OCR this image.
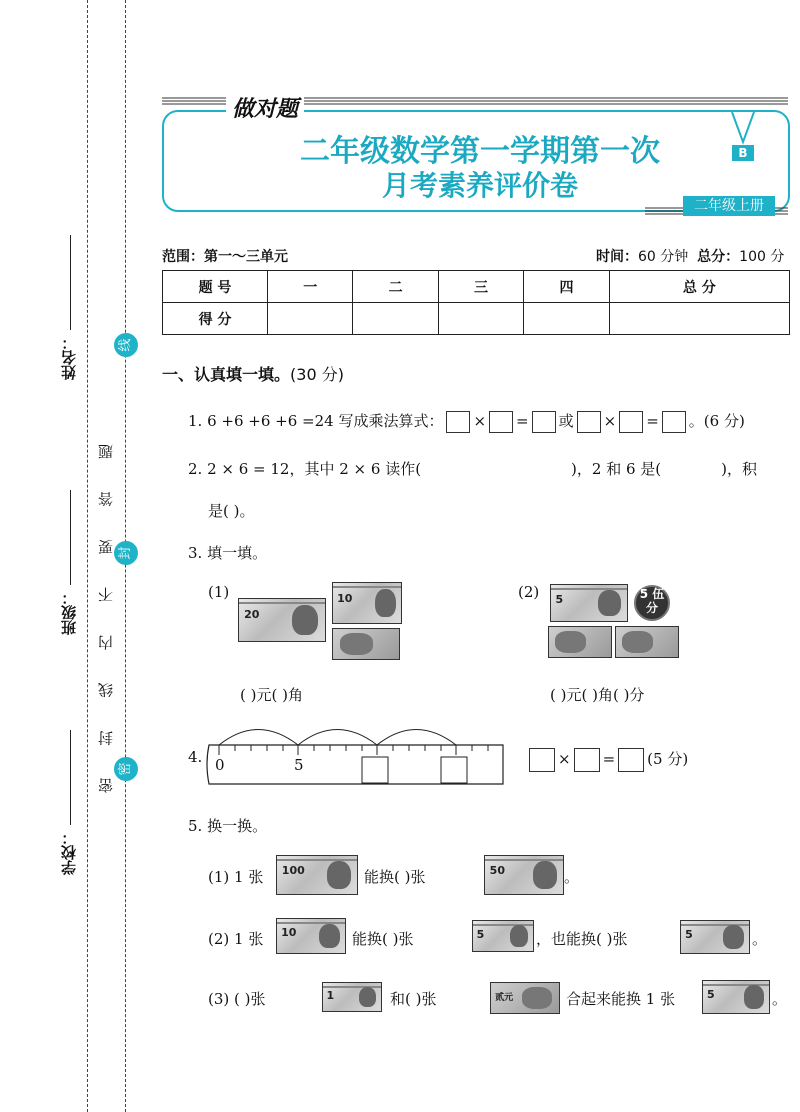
姓名：
班级：
学校：
线
封
密
密 封 线 内 不 要 答 题
做对题
二年级数学第一学期第一次
月考素养评价卷
B
二年级上册
范围：第一～三单元	时间：60 分钟 总分：100 分
题 号	一	二	三	四	总 分
得 分					
一、认真填一填。(30 分)
1. 6 +6 +6 +6 =24 写成乘法算式： × = 或 × = 。(6 分)
2. 2 × 6 = 12，其中 2 × 6 读作(	)，2 和 6 是(	)，积
是( )。
3. 填一填。
(1)	(2)
20
10	5	5 伍分
( )元( )角	( )元( )角( )分
4. 0	5	× = (5 分)
5. 换一换。
(1) 1 张 100	能换( )张	50	。
(2) 1 张 10	能换( )张	5	，也能换( )张	5	。
(3) ( )张	1	和( )张	贰元	合起来能换 1 张	5	。
